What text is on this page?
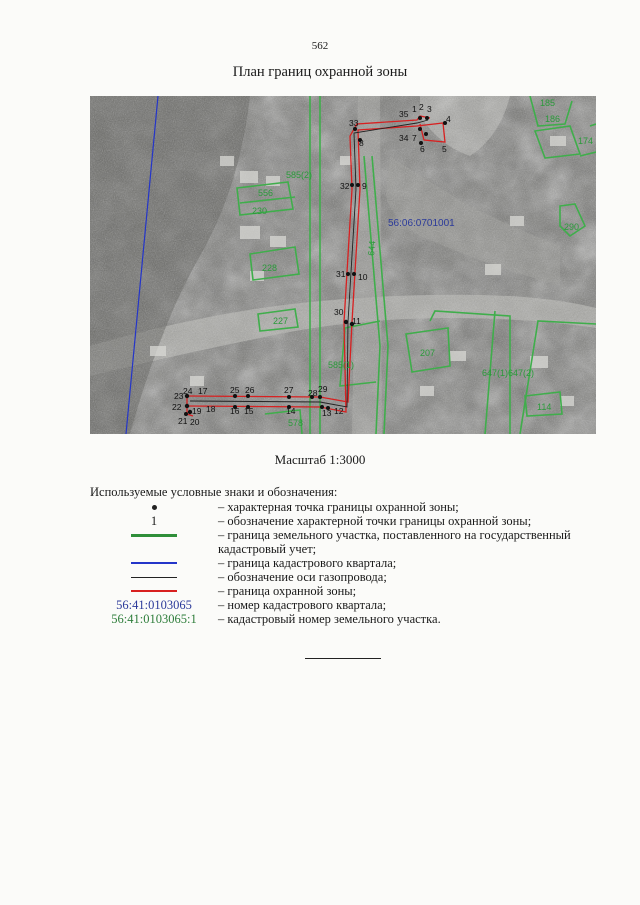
562
План границ охранной зоны
23 24 17
22 19 18
21 20
25 26
16 15
27
14
28 29
13 12
30
11
31 10
32 9
33
8
35 1 2 3
4
34 7
6 5
585(2)
556
230
228
227
585(1)
578
644
207
647(1)647(2)
114
290
186
174
185
56:06:0701001
Масштаб 1:3000
Используемые условные знаки и обозначения:
– характерная точка границы охранной зоны;
1	– обозначение характерной точки границы охранной зоны;
– граница земельного участка, поставленного на государственный
кадастровый учет;
– граница кадастрового квартала;
– обозначение оси газопровода;
– граница охранной зоны;
56:41:0103065	– номер кадастрового квартала;
56:41:0103065:1	– кадастровый номер земельного участка.
